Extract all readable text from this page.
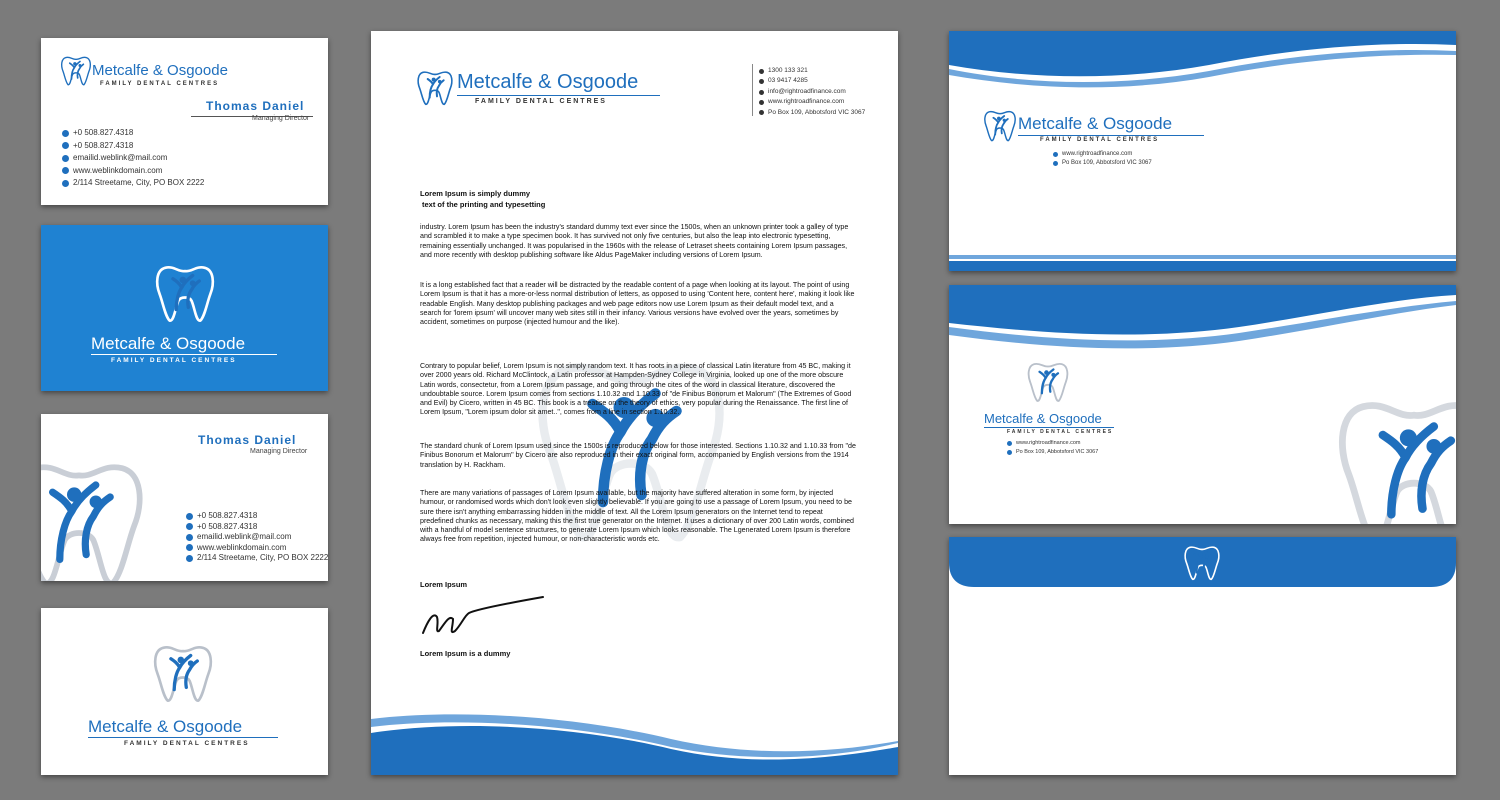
Metcalfe & Osgoode
FAMILY DENTAL CENTRES
Thomas Daniel
Managing Director
+0 508.827.4318
+0 508.827.4318
emailid.weblink@mail.com
www.weblinkdomain.com
2/114 Streetame, City, PO BOX 2222
Metcalfe & Osgoode
FAMILY DENTAL CENTRES
Thomas Daniel
Managing Director
+0 508.827.4318
+0 508.827.4318
emailid.weblink@mail.com
www.weblinkdomain.com
2/114 Streetame, City, PO BOX 2222
Metcalfe & Osgoode
FAMILY DENTAL CENTRES
Metcalfe & Osgoode
FAMILY DENTAL CENTRES
1300 133 321
03 9417 4285
info@rightroadfinance.com
www.rightroadfinance.com
Po Box 109, Abbotsford VIC 3067
Lorem Ipsum is simply dummy
text of the printing and typesetting
industry. Lorem Ipsum has been the industry's standard dummy text ever since the 1500s, when an unknown printer took a galley of type and scrambled it to make a type specimen book. It has survived not only five centuries, but also the leap into electronic typesetting, remaining essentially unchanged. It was popularised in the 1960s with the release of Letraset sheets containing Lorem Ipsum passages, and more recently with desktop publishing software like Aldus PageMaker including versions of Lorem Ipsum.
It is a long established fact that a reader will be distracted by the readable content of a page when looking at its layout. The point of using Lorem Ipsum is that it has a more-or-less normal distribution of letters, as opposed to using 'Content here, content here', making it look like readable English. Many desktop publishing packages and web page editors now use Lorem Ipsum as their default model text, and a search for 'lorem ipsum' will uncover many web sites still in their infancy. Various versions have evolved over the years, sometimes by accident, sometimes on purpose (injected humour and the like).
Contrary to popular belief, Lorem Ipsum is not simply random text. It has roots in a piece of classical Latin literature from 45 BC, making it over 2000 years old. Richard McClintock, a Latin professor at Hampden-Sydney College in Virginia, looked up one of the more obscure Latin words, consectetur, from a Lorem Ipsum passage, and going through the cites of the word in classical literature, discovered the undoubtable source. Lorem Ipsum comes from sections 1.10.32 and 1.10.33 of "de Finibus Bonorum et Malorum" (The Extremes of Good and Evil) by Cicero, written in 45 BC. This book is a treatise on the theory of ethics, very popular during the Renaissance. The first line of Lorem Ipsum, "Lorem ipsum dolor sit amet..", comes from a line in section 1.10.32.
The standard chunk of Lorem Ipsum used since the 1500s is reproduced below for those interested. Sections 1.10.32 and 1.10.33 from "de Finibus Bonorum et Malorum" by Cicero are also reproduced in their exact original form, accompanied by English versions from the 1914 translation by H. Rackham.
There are many variations of passages of Lorem Ipsum available, but the majority have suffered alteration in some form, by injected humour, or randomised words which don't look even slightly believable. If you are going to use a passage of Lorem Ipsum, you need to be sure there isn't anything embarrassing hidden in the middle of text. All the Lorem Ipsum generators on the Internet tend to repeat predefined chunks as necessary, making this the first true generator on the Internet. It uses a dictionary of over 200 Latin words, combined with a handful of model sentence structures, to generate Lorem Ipsum which looks reasonable. The Lgenerated Lorem Ipsum is therefore always free from repetition, injected humour, or non-characteristic words etc.
Lorem Ipsum
Lorem Ipsum is a dummy
Metcalfe & Osgoode
FAMILY DENTAL CENTRES
www.rightroadfinance.com
Po Box 109, Abbotsford VIC 3067
Metcalfe & Osgoode
FAMILY DENTAL CENTRES
www.rightroadfinance.com
Po Box 109, Abbotsford VIC 3067
